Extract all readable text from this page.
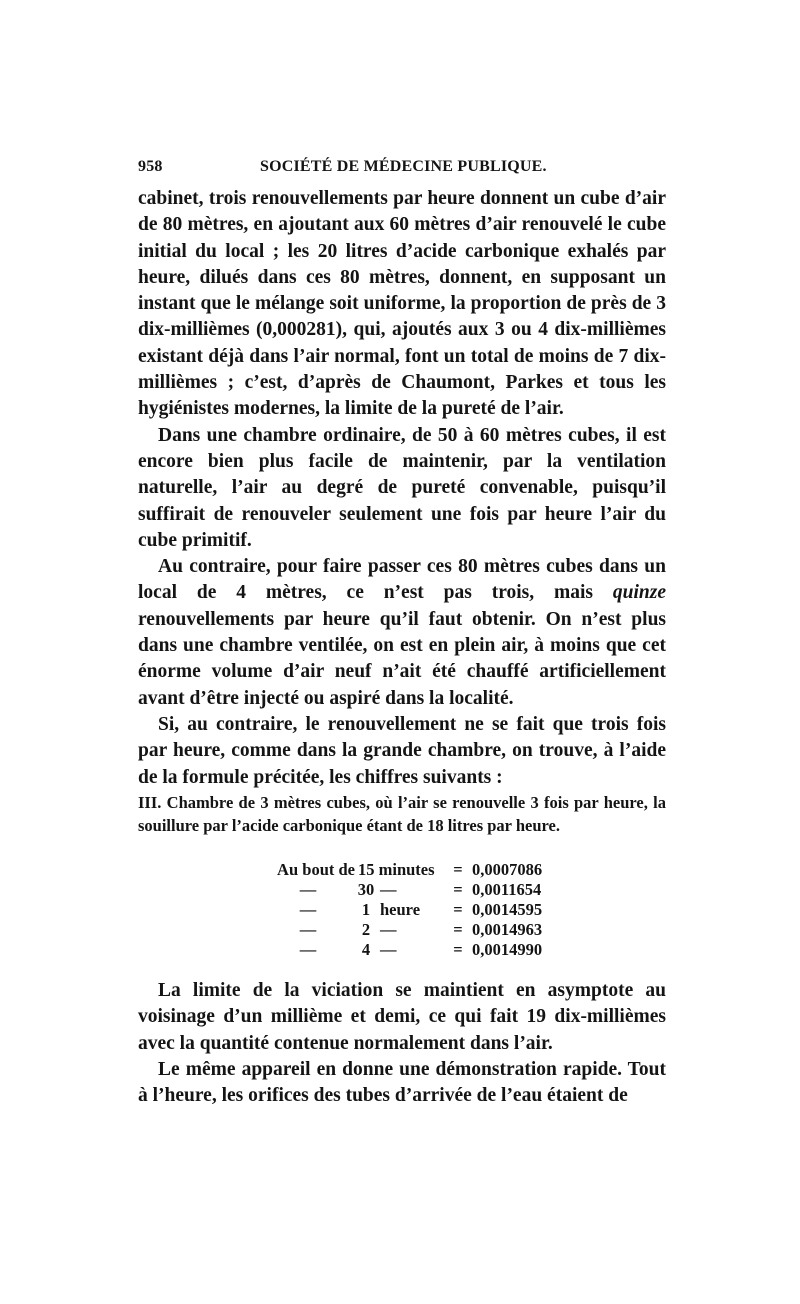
958	SOCIÉTÉ DE MÉDECINE PUBLIQUE.

cabinet, trois renouvellements par heure donnent un cube d’air de 80 mètres, en ajoutant aux 60 mètres d’air renouvelé le cube initial du local ; les 20 litres d’acide carbonique exhalés par heure, dilués dans ces 80 mètres, donnent, en supposant un instant que le mélange soit uniforme, la proportion de près de 3 dix-millièmes (0,000281), qui, ajoutés aux 3 ou 4 dix-millièmes existant déjà dans l’air normal, font un total de moins de 7 dix-millièmes ; c’est, d’après de Chaumont, Parkes et tous les hygiénistes modernes, la limite de la pureté de l’air.

Dans une chambre ordinaire, de 50 à 60 mètres cubes, il est encore bien plus facile de maintenir, par la ventilation naturelle, l’air au degré de pureté convenable, puisqu’il suffirait de renouveler seulement une fois par heure l’air du cube primitif.

Au contraire, pour faire passer ces 80 mètres cubes dans un local de 4 mètres, ce n’est pas trois, mais quinze renouvellements par heure qu’il faut obtenir. On n’est plus dans une chambre ventilée, on est en plein air, à moins que cet énorme volume d’air neuf n’ait été chauffé artificiellement avant d’être injecté ou aspiré dans la localité.

Si, au contraire, le renouvellement ne se fait que trois fois par heure, comme dans la grande chambre, on trouve, à l’aide de la formule précitée, les chiffres suivants :

III. Chambre de 3 mètres cubes, où l’air se renouvelle 3 fois par heure, la souillure par l’acide carbonique étant de 18 litres par heure.

Au bout de 15 minutes	= 0,0007086
—	30 —	= 0,0011654
—	1 heure	= 0,0014595
—	2 —	= 0,0014963
—	4 —	= 0,0014990

La limite de la viciation se maintient en asymptote au voisinage d’un millième et demi, ce qui fait 19 dix-millièmes avec la quantité contenue normalement dans l’air.

Le même appareil en donne une démonstration rapide. Tout à l’heure, les orifices des tubes d’arrivée de l’eau étaient de
